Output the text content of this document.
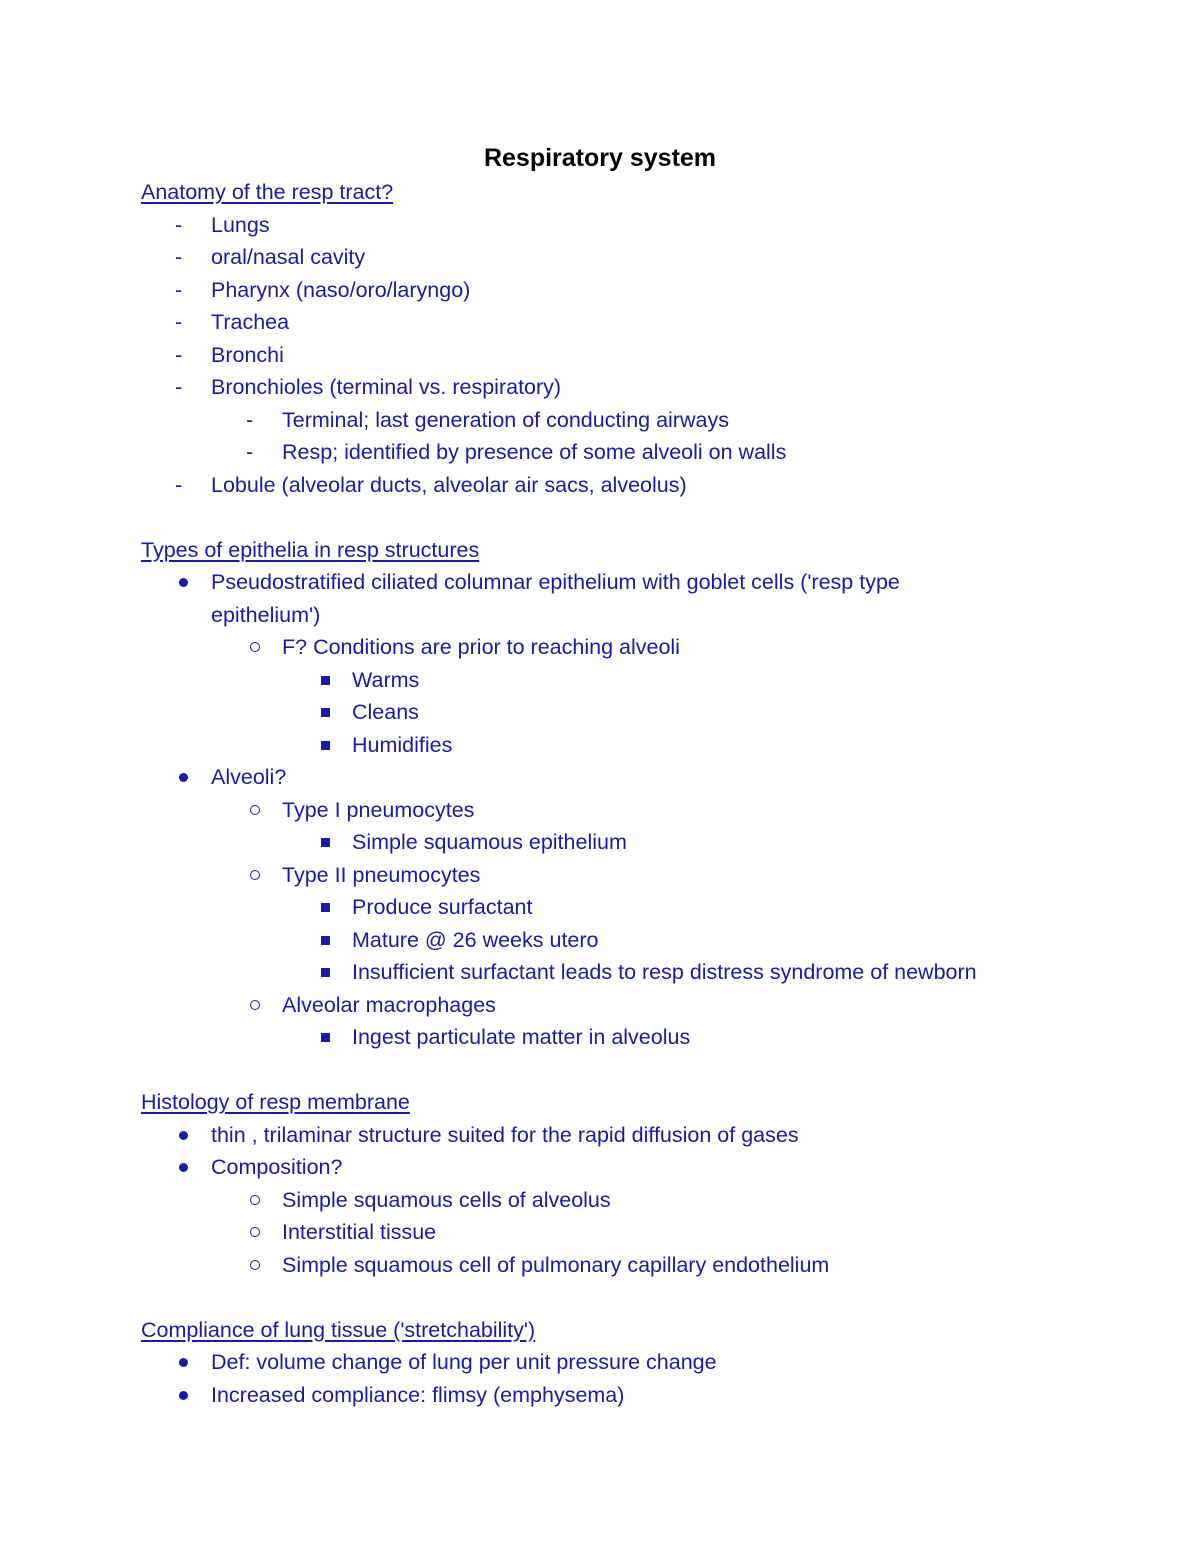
Respiratory system
Anatomy of the resp tract?
- Lungs
- oral/nasal cavity
- Pharynx (naso/oro/laryngo)
- Trachea
- Bronchi
- Bronchioles (terminal vs. respiratory)
- Terminal; last generation of conducting airways
- Resp; identified by presence of some alveoli on walls
- Lobule (alveolar ducts, alveolar air sacs, alveolus)
Types of epithelia in resp structures
Pseudostratified ciliated columnar epithelium with goblet cells ('resp type
epithelium')
F? Conditions are prior to reaching alveoli
Warms
Cleans
Humidifies
Alveoli?
Type I pneumocytes
Simple squamous epithelium
Type II pneumocytes
Produce surfactant
Mature @ 26 weeks utero
Insufficient surfactant leads to resp distress syndrome of newborn
Alveolar macrophages
Ingest particulate matter in alveolus
Histology of resp membrane
thin , trilaminar structure suited for the rapid diffusion of gases
Composition?
Simple squamous cells of alveolus
Interstitial tissue
Simple squamous cell of pulmonary capillary endothelium
Compliance of lung tissue ('stretchability')
Def: volume change of lung per unit pressure change
Increased compliance: flimsy (emphysema)
